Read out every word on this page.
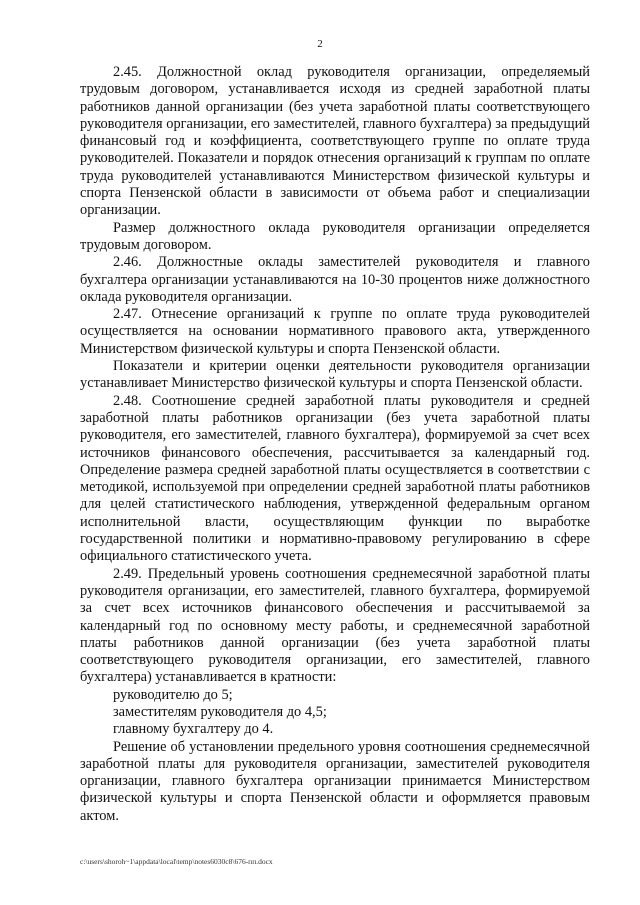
2

2.45. Должностной оклад руководителя организации, определяемый трудовым договором, устанавливается исходя из средней заработной платы работников данной организации (без учета заработной платы соответствующего руководителя организации, его заместителей, главного бухгалтера) за предыдущий финансовый год и коэффициента, соответствующего группе по оплате труда руководителей. Показатели и порядок отнесения организаций к группам по оплате труда руководителей устанавливаются Министерством физической культуры и спорта Пензенской области в зависимости от объема работ и специализации организации.

Размер должностного оклада руководителя организации определяется трудовым договором.

2.46. Должностные оклады заместителей руководителя и главного бухгалтера организации устанавливаются на 10-30 процентов ниже должностного оклада руководителя организации.

2.47. Отнесение организаций к группе по оплате труда руководителей осуществляется на основании нормативного правового акта, утвержденного Министерством физической культуры и спорта Пензенской области.

Показатели и критерии оценки деятельности руководителя организации устанавливает Министерство физической культуры и спорта Пензенской области.

2.48. Соотношение средней заработной платы руководителя и средней заработной платы работников организации (без учета заработной платы руководителя, его заместителей, главного бухгалтера), формируемой за счет всех источников финансового обеспечения, рассчитывается за календарный год. Определение размера средней заработной платы осуществляется в соответствии с методикой, используемой при определении средней заработной платы работников для целей статистического наблюдения, утвержденной федеральным органом исполнительной власти, осуществляющим функции по выработке государственной политики и нормативно-правовому регулированию в сфере официального статистического учета.

2.49. Предельный уровень соотношения среднемесячной заработной платы руководителя организации, его заместителей, главного бухгалтера, формируемой за счет всех источников финансового обеспечения и рассчитываемой за календарный год по основному месту работы, и среднемесячной заработной платы работников данной организации (без учета заработной платы соответствующего руководителя организации, его заместителей, главного бухгалтера) устанавливается в кратности:

руководителю до 5;

заместителям руководителя до 4,5;

главному бухгалтеру до 4.

Решение об установлении предельного уровня соотношения среднемесячной заработной платы для руководителя организации, заместителей руководителя организации, главного бухгалтера организации принимается Министерством физической культуры и спорта Пензенской области и оформляется правовым актом.

c:\users\shoroh~1\appdata\local\temp\notes6030c8\676-пп.docx
